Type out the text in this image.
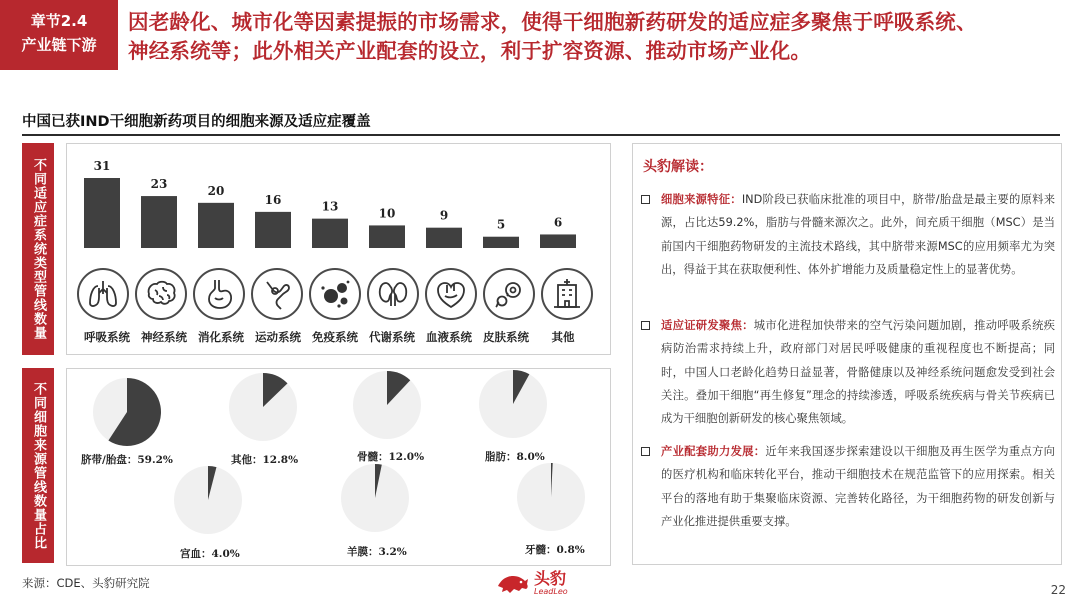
章节2.4
产业链下游
因老龄化、城市化等因素提振的市场需求，使得干细胞新药研发的适应症多聚焦于呼吸系统、
神经系统等；此外相关产业配套的设立，利于扩容资源、推动市场产业化。
中国已获IND干细胞新药项目的细胞来源及适应症覆盖
不同适应症系统类型管线数量
不同细胞来源管线数量占比
31
23	20
16	13	10	9
5	6
呼吸系统 神经系统 消化系统 运动系统 免疫系统 代谢系统 血液系统 皮肤系统	其他
脐带/胎盘：59.2%	其他：12.8%	骨髓：12.0%	脂肪：8.0%
宫血：4.0%	羊膜：3.2%	牙髓：0.8%
头豹解读：
细胞来源特征：IND阶段已获临床批准的项目中，脐带/胎盘是最主要的原料来源，占比达59.2%，脂肪与骨髓来源次之。此外，间充质干细胞（MSC）是当前国内干细胞药物研发的主流技术路线，其中脐带来源MSC的应用频率尤为突出，得益于其在获取便利性、体外扩增能力及质量稳定性上的显著优势。
适应证研发聚焦：城市化进程加快带来的空气污染问题加剧，推动呼吸系统疾病防治需求持续上升，政府部门对居民呼吸健康的重视程度也不断提高；同时，中国人口老龄化趋势日益显著，骨骼健康以及神经系统问题愈发受到社会关注。叠加干细胞“再生修复”理念的持续渗透，呼吸系统疾病与骨关节疾病已成为干细胞创新研发的核心聚焦领域。
产业配套助力发展：近年来我国逐步探索建设以干细胞及再生医学为重点方向的医疗机构和临床转化平台，推动干细胞技术在规范监管下的应用探索。相关平台的落地有助于集聚临床资源、完善转化路径，为干细胞药物的研发创新与产业化推进提供重要支撑。
来源：CDE、头豹研究院	头豹
LeadLeo	22
